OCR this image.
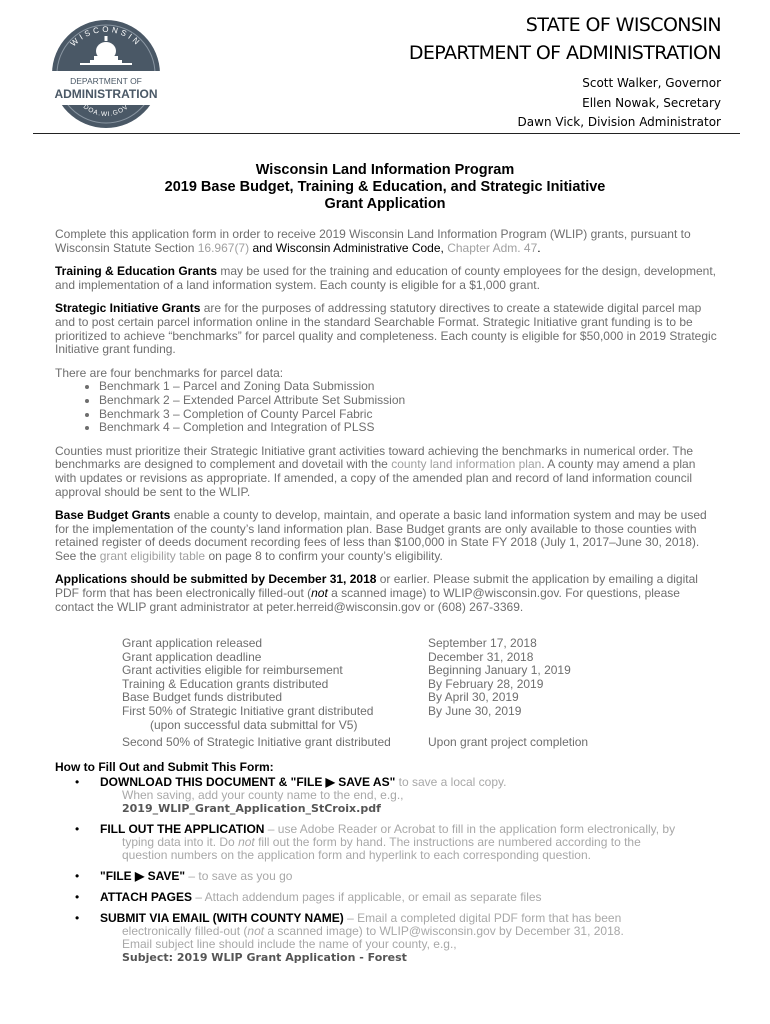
WISCONSIN
DEPARTMENT OF
ADMINISTRATION
DOA.WI.GOV
STATE OF WISCONSIN
DEPARTMENT OF ADMINISTRATION
Scott Walker, Governor
Ellen Nowak, Secretary
Dawn Vick, Division Administrator
Wisconsin Land Information Program
2019 Base Budget, Training & Education, and Strategic Initiative
Grant Application

Complete this application form in order to receive 2019 Wisconsin Land Information Program (WLIP) grants, pursuant to Wisconsin Statute Section 16.967(7) and Wisconsin Administrative Code, Chapter Adm. 47.

Training & Education Grants may be used for the training and education of county employees for the design, development, and implementation of a land information system. Each county is eligible for a $1,000 grant.

Strategic Initiative Grants are for the purposes of addressing statutory directives to create a statewide digital parcel map and to post certain parcel information online in the standard Searchable Format. Strategic Initiative grant funding is to be prioritized to achieve “benchmarks” for parcel quality and completeness. Each county is eligible for $50,000 in 2019 Strategic Initiative grant funding.

There are four benchmarks for parcel data:
• Benchmark 1 – Parcel and Zoning Data Submission
• Benchmark 2 – Extended Parcel Attribute Set Submission
• Benchmark 3 – Completion of County Parcel Fabric
• Benchmark 4 – Completion and Integration of PLSS

Counties must prioritize their Strategic Initiative grant activities toward achieving the benchmarks in numerical order. The benchmarks are designed to complement and dovetail with the county land information plan. A county may amend a plan with updates or revisions as appropriate. If amended, a copy of the amended plan and record of land information council approval should be sent to the WLIP.

Base Budget Grants enable a county to develop, maintain, and operate a basic land information system and may be used for the implementation of the county’s land information plan. Base Budget grants are only available to those counties with retained register of deeds document recording fees of less than $100,000 in State FY 2018 (July 1, 2017–June 30, 2018). See the grant eligibility table on page 8 to confirm your county’s eligibility.

Applications should be submitted by December 31, 2018 or earlier. Please submit the application by emailing a digital PDF form that has been electronically filled-out (not a scanned image) to WLIP@wisconsin.gov. For questions, please contact the WLIP grant administrator at peter.herreid@wisconsin.gov or (608) 267-3369.

Grant application released	September 17, 2018
Grant application deadline	December 31, 2018
Grant activities eligible for reimbursement	Beginning January 1, 2019
Training & Education grants distributed	By February 28, 2019
Base Budget funds distributed	By April 30, 2019
First 50% of Strategic Initiative grant distributed	By June 30, 2019
(upon successful data submittal for V5)
Second 50% of Strategic Initiative grant distributed	Upon grant project completion
How to Fill Out and Submit This Form:
• DOWNLOAD THIS DOCUMENT & "FILE ▶ SAVE AS" to save a local copy.
When saving, add your county name to the end, e.g.,
2019_WLIP_Grant_Application_StCroix.pdf
• FILL OUT THE APPLICATION – use Adobe Reader or Acrobat to fill in the application form electronically, by
typing data into it. Do not fill out the form by hand. The instructions are numbered according to the
question numbers on the application form and hyperlink to each corresponding question.
• "FILE ▶ SAVE" – to save as you go
• ATTACH PAGES – Attach addendum pages if applicable, or email as separate files
• SUBMIT VIA EMAIL (WITH COUNTY NAME) – Email a completed digital PDF form that has been
electronically filled-out (not a scanned image) to WLIP@wisconsin.gov by December 31, 2018.
Email subject line should include the name of your county, e.g.,
Subject: 2019 WLIP Grant Application - Forest
